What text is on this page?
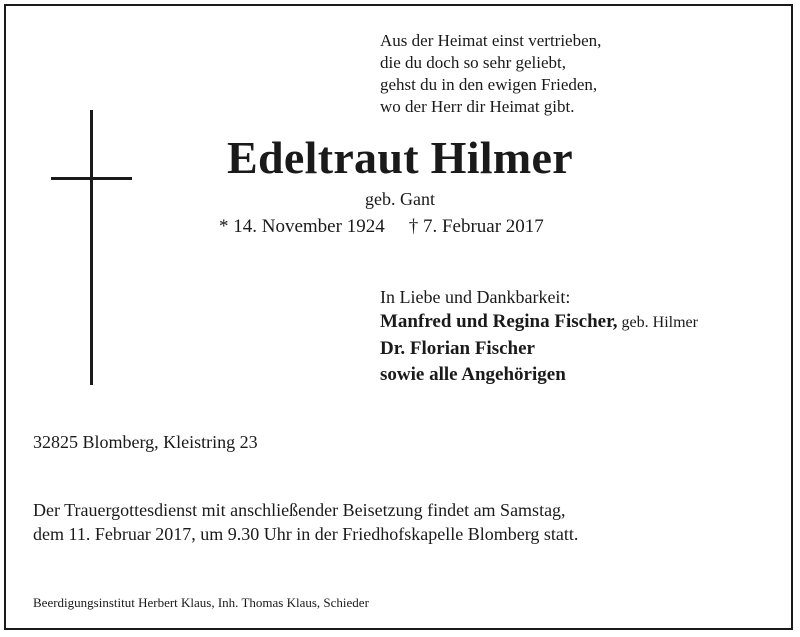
Aus der Heimat einst vertrieben,
die du doch so sehr geliebt,
gehst du in den ewigen Frieden,
wo der Herr dir Heimat gibt.
Edeltraut Hilmer
geb. Gant
* 14. November 1924 † 7. Februar 2017
In Liebe und Dankbarkeit:
Manfred und Regina Fischer, geb. Hilmer
Dr. Florian Fischer
sowie alle Angehörigen
32825 Blomberg, Kleistring 23
Der Trauergottesdienst mit anschließender Beisetzung findet am Samstag,
dem 11. Februar 2017, um 9.30 Uhr in der Friedhofskapelle Blomberg statt.
Beerdigungsinstitut Herbert Klaus, Inh. Thomas Klaus, Schieder
